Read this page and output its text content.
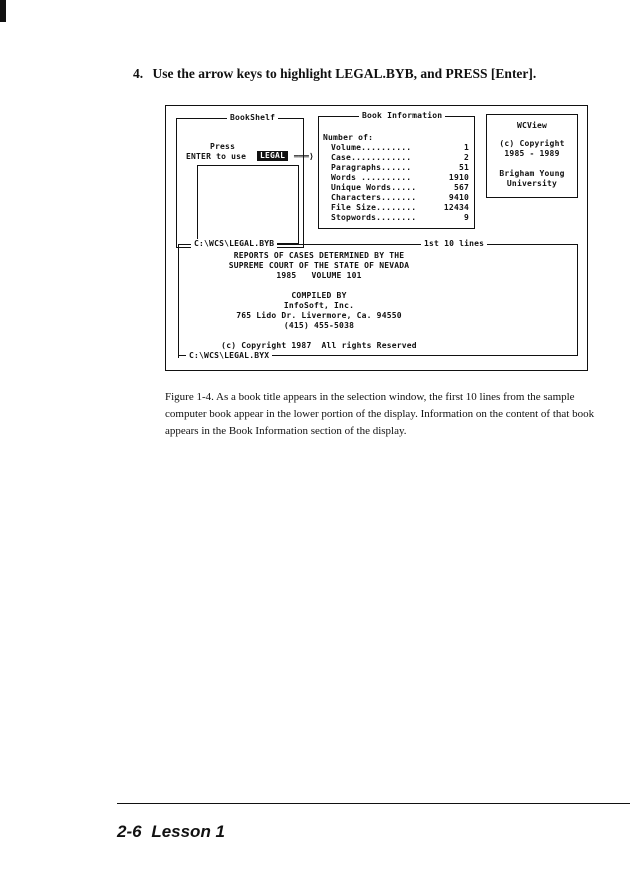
4. Use the arrow keys to highlight LEGAL.BYB, and PRESS [Enter].
BookShelf
Press
ENTER to use	LEGAL	═══⟩
Book Information
Number of:
Volume..........	1
Case............	2
Paragraphs......	51
Words ..........	1910
Unique Words.....	567
Characters.......	9410
File Size........	12434
Stopwords........	9
WCView
(c) Copyright
1985 - 1989

Brigham Young
University
C:\WCS\LEGAL.BYB	1st 10 lines
REPORTS OF CASES DETERMINED BY THE
SUPREME COURT OF THE STATE OF NEVADA
1985   VOLUME 101

COMPILED BY
InfoSoft, Inc.
765 Lido Dr. Livermore, Ca. 94550
(415) 455-5038

(c) Copyright 1987  All rights Reserved
C:\WCS\LEGAL.BYX
Figure 1-4. As a book title appears in the selection window, the first 10 lines from the sample computer book appear in the lower portion of the display. Information on the content of that book appears in the Book Information section of the display.
2-6 Lesson 1
